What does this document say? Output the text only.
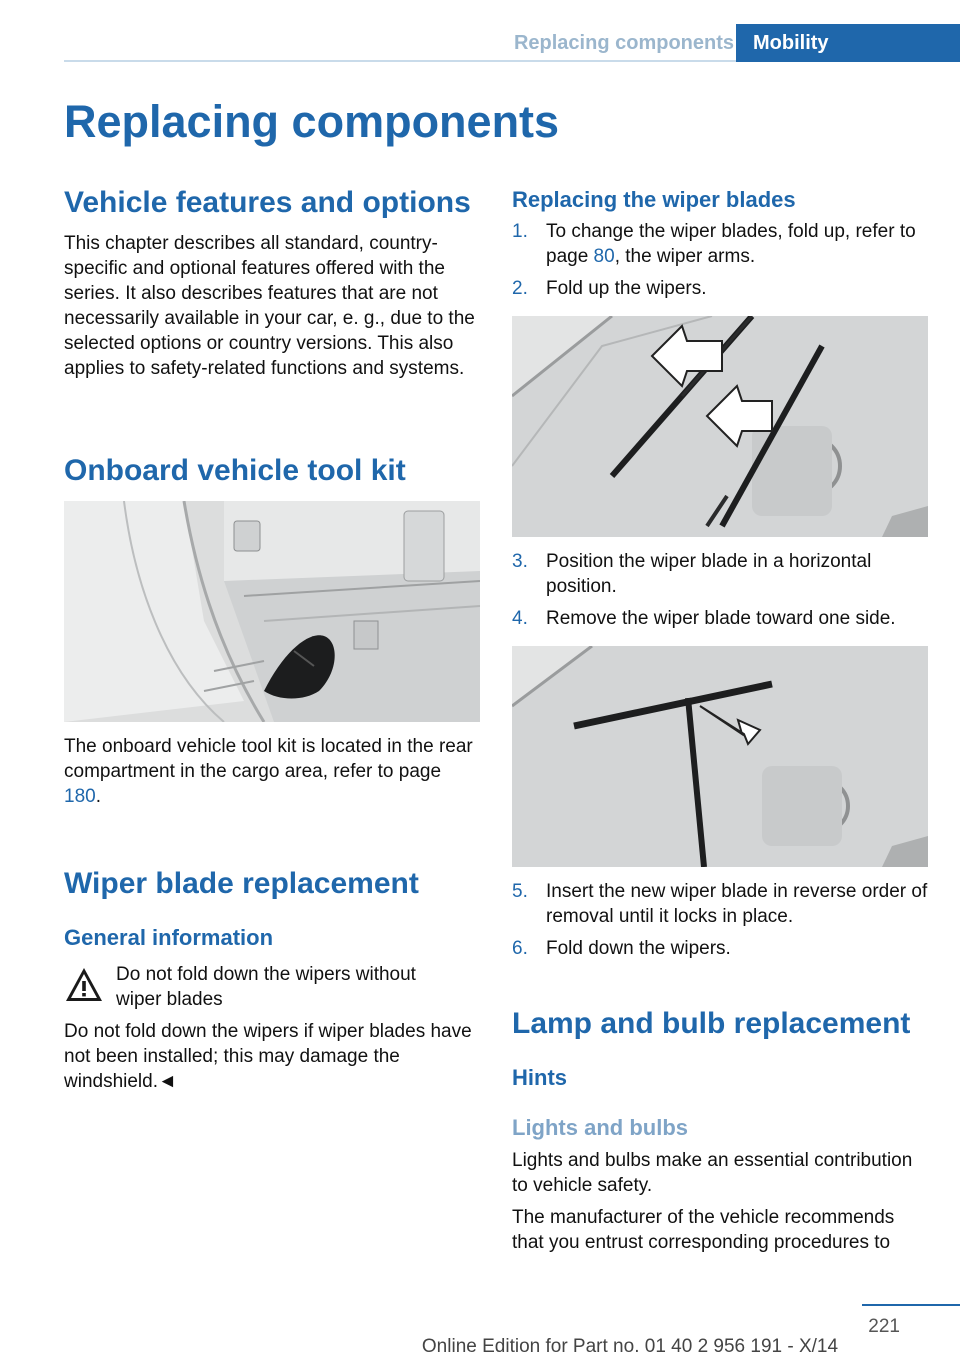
Replacing components Mobility
Replacing components
Vehicle features and options

This chapter describes all standard, country-specific and optional features offered with the series. It also describes features that are not necessarily available in your car, e. g., due to the selected options or country versions. This also applies to safety-related functions and systems.

Onboard vehicle tool kit

The onboard vehicle tool kit is located in the rear compartment in the cargo area, refer to page 180.

Wiper blade replacement
General information

Do not fold down the wipers without wiper blades

Do not fold down the wipers if wiper blades have not been installed; this may damage the windshield.◄

Replacing the wiper blades
1. To change the wiper blades, fold up, refer to page 80, the wiper arms.
2. Fold up the wipers.
3. Position the wiper blade in a horizontal position.
4. Remove the wiper blade toward one side.
5. Insert the new wiper blade in reverse order of removal until it locks in place.
6. Fold down the wipers.
Lamp and bulb replacement
Hints
Lights and bulbs

Lights and bulbs make an essential contribution to vehicle safety.

The manufacturer of the vehicle recommends that you entrust corresponding procedures to

221
Online Edition for Part no. 01 40 2 956 191 - X/14
